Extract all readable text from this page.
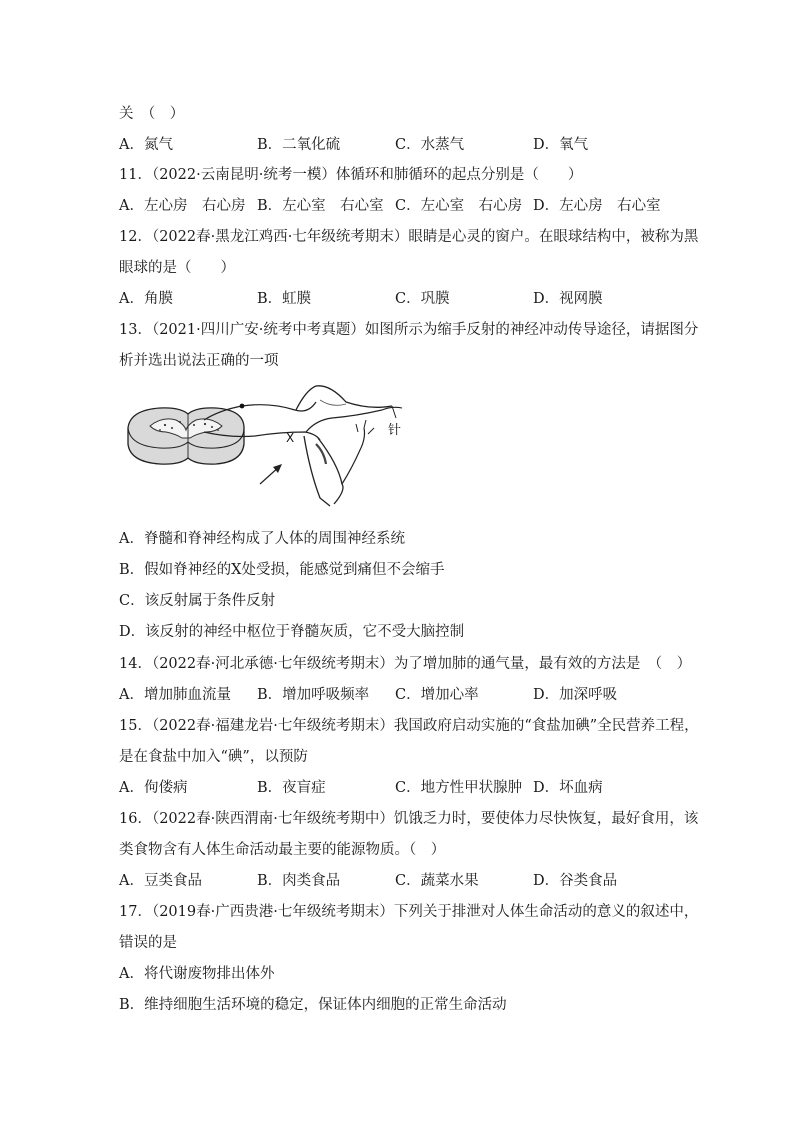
关　（　）
A．氮气	B．二氧化硫	C．水蒸气	D．氧气
11．（2022·云南昆明·统考一模）体循环和肺循环的起点分别是（　　）
A．左心房　右心房 B．左心室　右心室 C．左心室　右心房 D．左心房　右心室
12．（2022春·黑龙江鸡西·七年级统考期末）眼睛是心灵的窗户。在眼球结构中，被称为黑
眼球的是（　　）
A．角膜	B．虹膜	C．巩膜	D．视网膜
13．（2021·四川广安·统考中考真题）如图所示为缩手反射的神经冲动传导途径，请据图分
析并选出说法正确的一项
X	针
A．脊髓和脊神经构成了人体的周围神经系统
B．假如脊神经的X处受损，能感觉到痛但不会缩手
C．该反射属于条件反射
D．该反射的神经中枢位于脊髓灰质，它不受大脑控制
14．（2022春·河北承德·七年级统考期末）为了增加肺的通气量，最有效的方法是　（　）
A．增加肺血流量 B．增加呼吸频率 C．增加心率	D．加深呼吸
15．（2022春·福建龙岩·七年级统考期末）我国政府启动实施的“食盐加碘”全民营养工程，
是在食盐中加入“碘”，以预防
A．佝偻病	B．夜盲症	C．地方性甲状腺肿 D．坏血病
16．（2022春·陕西渭南·七年级统考期中）饥饿乏力时，要使体力尽快恢复，最好食用，该
类食物含有人体生命活动最主要的能源物质。（　）
A．豆类食品	B．肉类食品	C．蔬菜水果	D．谷类食品
17．（2019春·广西贵港·七年级统考期末）下列关于排泄对人体生命活动的意义的叙述中，
错误的是
A．将代谢废物排出体外
B．维持细胞生活环境的稳定，保证体内细胞的正常生命活动
